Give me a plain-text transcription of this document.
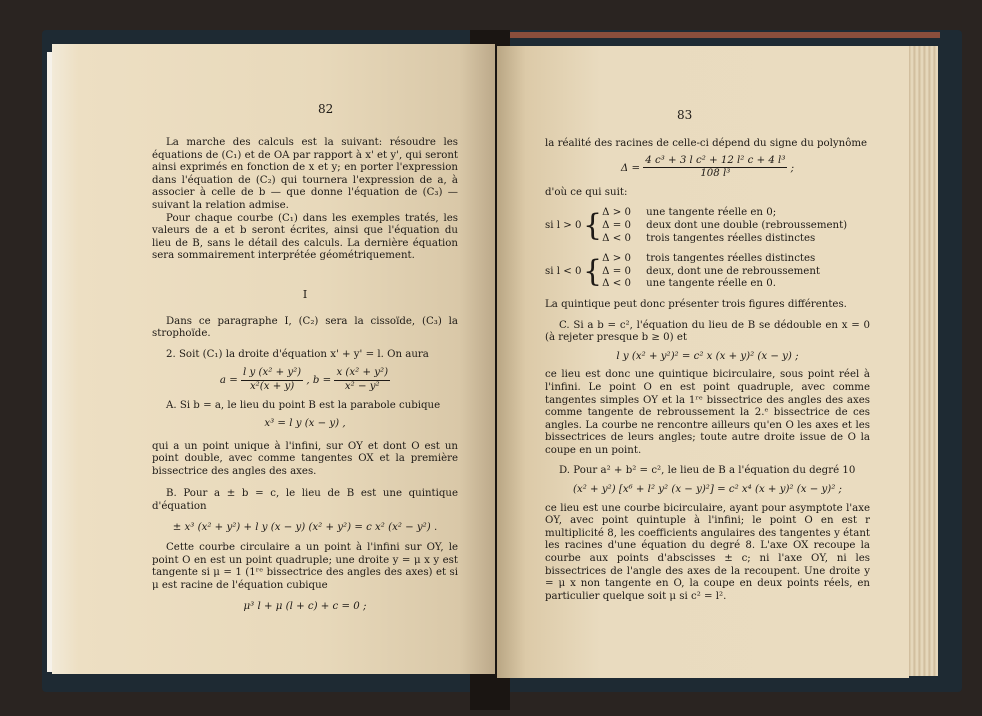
82

La marche des calculs est la suivant: résoudre les équations de (C₁) et de OA par rapport à x' et y', qui seront ainsi exprimés en fonction de x et y; en porter l'expression dans l'équation de (C₂) qui tournera l'expression de a, à associer à celle de b — que donne l'équation de (C₃) — suivant la relation admise.

Pour chaque courbe (C₁) dans les exemples tratés, les valeurs de a et b seront écrites, ainsi que l'équation du lieu de B, sans le détail des calculs. La dernière équation sera sommairement interprétée géométriquement.

I

Dans ce paragraphe I, (C₂) sera la cissoïde, (C₃) la strophoïde.

2. Soit (C₁) la droite d'équation x' + y' = l. On aura

$a = \frac{\text{l y (x² + y²)}}{\text{x²(x + y)}}$ , $b = \frac{\text{x (x² + y²)}}{\text{x² − y²}}$

A. Si b = a, le lieu du point B est la parabole cubique

x³ = l y (x − y) ,

qui a un point unique à l'infini, sur OY et dont O est un point double, avec comme tangentes OX et la première bissectrice des angles des axes.

B. Pour a ± b = c, le lieu de B est une quintique d'équation

± x³ (x² + y²) + l y (x − y) (x² + y²) = c x² (x² − y²) .

Cette courbe circulaire a un point à l'infini sur OY, le point O en est un point quadruple; une droite y = μ x y est tangente si μ = 1 (1ʳᵉ bissectrice des angles des axes) et si μ est racine de l'équation cubique

μ³ l + μ (l + c) + c = 0 ;
83

la réalité des racines de celle-ci dépend du signe du polynôme

$\Delta = \frac{\text{4 c³ + 3 l c² + 12 l² c + 4 l³}}{\text{108 l³}}$ ;

d'où ce qui suit:

si l > 0 { Δ > 0
Δ = 0
Δ < 0
une tangente réelle en 0;
deux dont une double (rebroussement)
trois tangentes réelles distinctes
si l < 0 { Δ > 0
Δ = 0
Δ < 0
trois tangentes réelles distinctes
deux, dont une de rebroussement
une tangente réelle en 0.

La quintique peut donc présenter trois figures différentes.

C. Si a b = c², l'équation du lieu de B se dédouble en x = 0 (à rejeter presque b ≥ 0) et

l y (x² + y²)² = c² x (x + y)² (x − y) ;

ce lieu est donc une quintique bicirculaire, sous point réel à l'infini. Le point O en est point quadruple, avec comme tangentes simples OY et la 1ʳᵉ bissectrice des angles des axes comme tangente de rebroussement la 2.ᵉ bissectrice de ces angles. La courbe ne rencontre ailleurs qu'en O les axes et les bissectrices de leurs angles; toute autre droite issue de O la coupe en un point.

D. Pour a² + b² = c², le lieu de B a l'équation du degré 10

(x² + y²) [x⁶ + l² y² (x − y)²] = c² x⁴ (x + y)² (x − y)² ;

ce lieu est une courbe bicirculaire, ayant pour asymptote l'axe OY, avec point quintuple à l'infini; le point O en est r multiplicité 8, les coefficients angulaires des tangentes y étant les racines d'une équation du degré 8. L'axe OX recoupe la courbe aux points d'abscisses ± c; ni l'axe OY, ni les bissectrices de l'angle des axes de la recoupent. Une droite y = μ x non tangente en O, la coupe en deux points réels, en particulier quelque soit μ si c² = l².
